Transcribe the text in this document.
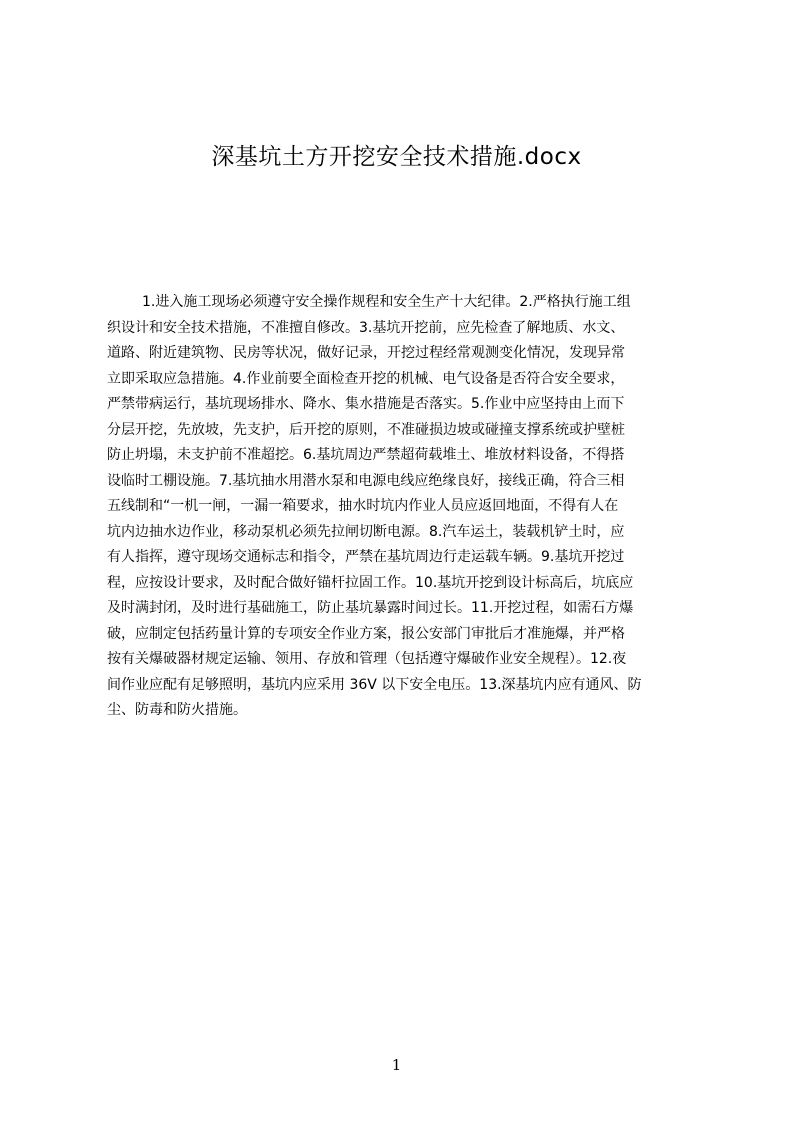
深基坑土方开挖安全技术措施.docx
1.进入施工现场必须遵守安全操作规程和安全生产十大纪律。2.严格执行施工组
织设计和安全技术措施，不准擅自修改。3.基坑开挖前，应先检查了解地质、水文、
道路、附近建筑物、民房等状况，做好记录，开挖过程经常观测变化情况，发现异常
立即采取应急措施。4.作业前要全面检查开挖的机械、电气设备是否符合安全要求，
严禁带病运行，基坑现场排水、降水、集水措施是否落实。5.作业中应坚持由上而下
分层开挖，先放坡，先支护，后开挖的原则，不准碰损边坡或碰撞支撑系统或护壁桩
防止坍塌，未支护前不准超挖。6.基坑周边严禁超荷载堆土、堆放材料设备，不得搭
设临时工棚设施。7.基坑抽水用潜水泵和电源电线应绝缘良好，接线正确，符合三相
五线制和“一机一闸，一漏一箱要求，抽水时坑内作业人员应返回地面，不得有人在
坑内边抽水边作业，移动泵机必须先拉闸切断电源。8.汽车运土，装载机铲土时，应
有人指挥，遵守现场交通标志和指令，严禁在基坑周边行走运载车辆。9.基坑开挖过
程，应按设计要求，及时配合做好锚杆拉固工作。10.基坑开挖到设计标高后，坑底应
及时满封闭，及时进行基础施工，防止基坑暴露时间过长。11.开挖过程，如需石方爆
破，应制定包括药量计算的专项安全作业方案，报公安部门审批后才准施爆，并严格
按有关爆破器材规定运输、领用、存放和管理（包括遵守爆破作业安全规程）。12.夜
间作业应配有足够照明，基坑内应采用 36V 以下安全电压。13.深基坑内应有通风、防
尘、防毒和防火措施。
1
